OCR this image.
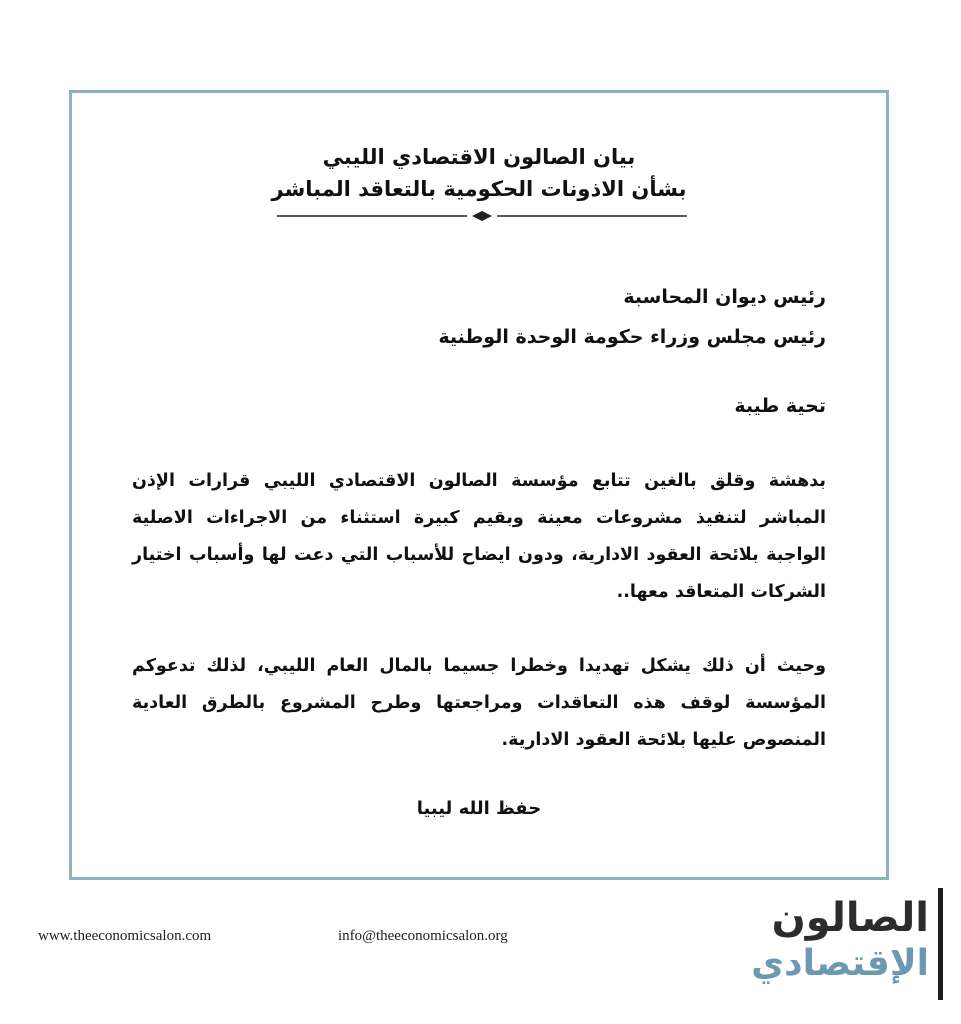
بيان الصالون الاقتصادي الليبي
بشأن الاذونات الحكومية بالتعاقد المباشر
رئيس ديوان المحاسبة
رئيس مجلس وزراء حكومة الوحدة الوطنية
تحية طيبة
بدهشة وقلق بالغين تتابع مؤسسة الصالون الاقتصادي الليبي قرارات الإذن المباشر لتنفيذ مشروعات معينة وبقيم كبيرة استثناء من الاجراءات الاصلية الواجبة بلائحة العقود الادارية، ودون ايضاح للأسباب التي دعت لها وأسباب اختيار الشركات المتعاقد معها..
وحيث أن ذلك يشكل تهديدا وخطرا جسيما بالمال العام الليبي، لذلك تدعوكم المؤسسة لوقف هذه التعاقدات ومراجعتها وطرح المشروع بالطرق العادية المنصوص عليها بلائحة العقود الادارية.
حفظ الله ليبيا
www.theeconomicsalon.com	info@theeconomicsalon.org	الصالون
الإقتصادي
